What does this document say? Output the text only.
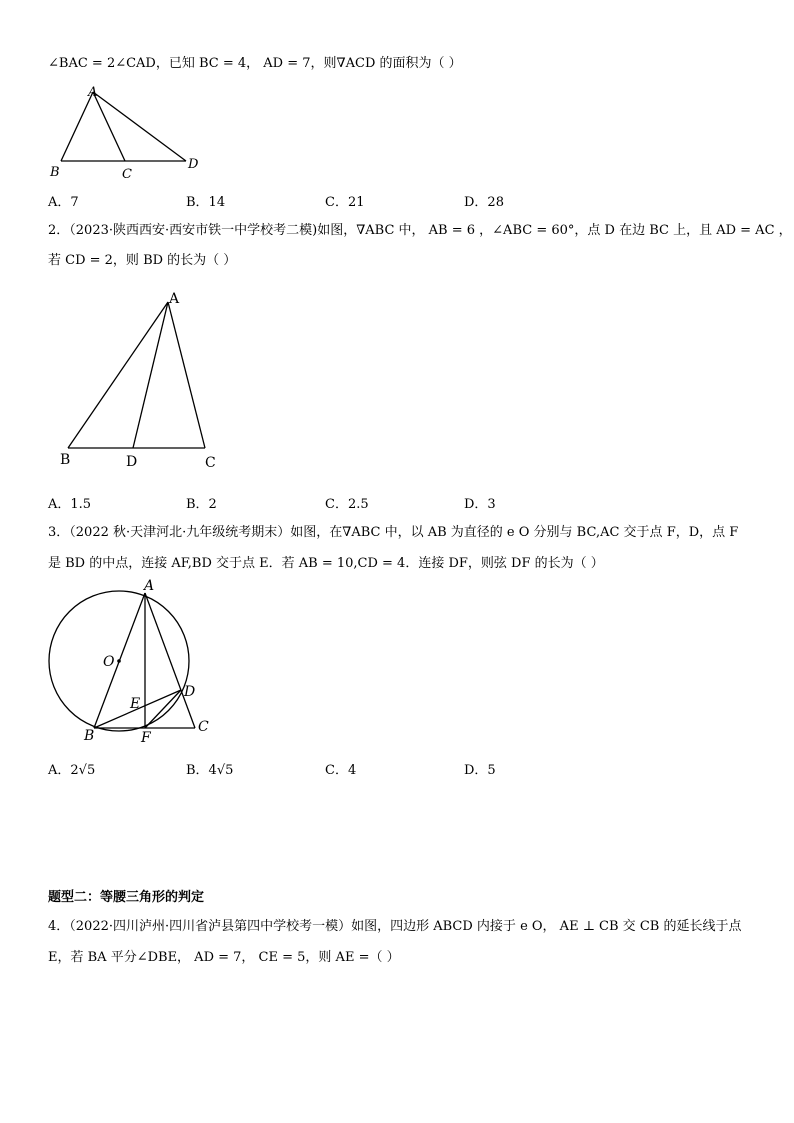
∠BAC = 2∠CAD，已知 BC = 4， AD = 7，则∇ACD 的面积为（ ）
A
B	C
D
A．7	B．14	C．21	D．28
2．（2023·陕西西安·西安市铁一中学校考二模)如图，∇ABC 中， AB = 6 ，∠ABC = 60°，点 D 在边 BC 上，且 AD = AC ，
若 CD = 2，则 BD 的长为（ ）
A
B	D	C
A．1.5	B．2	C．2.5	D．3
3．（2022 秋·天津河北·九年级统考期末）如图，在∇ABC 中，以 AB 为直径的 e O 分别与 BC,AC 交于点 F，D，点 F
是 BD 的中点，连接 AF,BD 交于点 E．若 AB = 10,CD = 4．连接 DF，则弦 DF 的长为（ ）
A
O
D
E
B	F
C
A．2√5	B．4√5	C．4	D．5
题型二：等腰三角形的判定
4．（2022·四川泸州·四川省泸县第四中学校考一模）如图，四边形 ABCD 内接于 e O， AE ⊥ CB 交 CB 的延长线于点
E，若 BA 平分∠DBE， AD = 7， CE = 5，则 AE =（ ）
